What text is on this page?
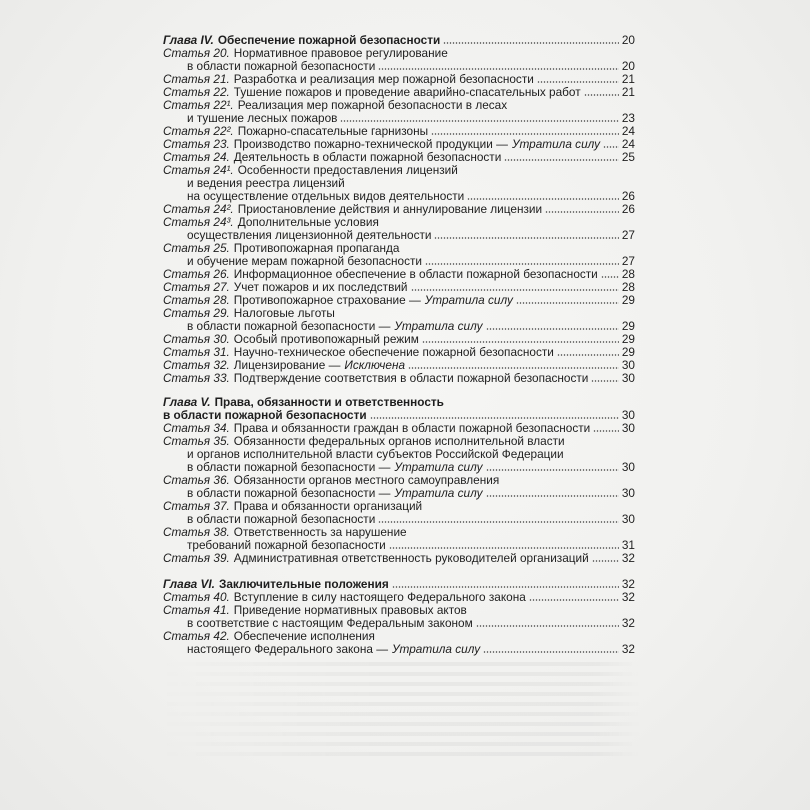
Глава IV. Обеспечение пожарной безопасности	20
Статья 20. Нормативное правовое регулирование
в области пожарной безопасности	20
Статья 21. Разработка и реализация мер пожарной безопасности	21
Статья 22. Тушение пожаров и проведение аварийно-спасательных работ	21
Статья 22¹. Реализация мер пожарной безопасности в лесах
и тушение лесных пожаров	23
Статья 22². Пожарно-спасательные гарнизоны	24
Статья 23. Производство пожарно-технической продукции — Утратила силу 24
Статья 24. Деятельность в области пожарной безопасности	25
Статья 24¹. Особенности предоставления лицензий
и ведения реестра лицензий
на осуществление отдельных видов деятельности	26
Статья 24². Приостановление действия и аннулирование лицензии	26
Статья 24³. Дополнительные условия
осуществления лицензионной деятельности	27
Статья 25. Противопожарная пропаганда
и обучение мерам пожарной безопасности	27
Статья 26. Информационное обеспечение в области пожарной безопасности 28
Статья 27. Учет пожаров и их последствий	28
Статья 28. Противопожарное страхование — Утратила силу	29
Статья 29. Налоговые льготы
в области пожарной безопасности — Утратила силу	29
Статья 30. Особый противопожарный режим	29
Статья 31. Научно-техническое обеспечение пожарной безопасности	29
Статья 32. Лицензирование — Исключена	30
Статья 33. Подтверждение соответствия в области пожарной безопасности	30
Глава V. Права, обязанности и ответственность
в области пожарной безопасности	30
Статья 34. Права и обязанности граждан в области пожарной безопасности	30
Статья 35. Обязанности федеральных органов исполнительной власти
и органов исполнительной власти субъектов Российской Федерации
в области пожарной безопасности — Утратила силу	30
Статья 36. Обязанности органов местного самоуправления
в области пожарной безопасности — Утратила силу	30
Статья 37. Права и обязанности организаций
в области пожарной безопасности	30
Статья 38. Ответственность за нарушение
требований пожарной безопасности	31
Статья 39. Административная ответственность руководителей организаций	32
Глава VI. Заключительные положения	32
Статья 40. Вступление в силу настоящего Федерального закона	32
Статья 41. Приведение нормативных правовых актов
в соответствие с настоящим Федеральным законом	32
Статья 42. Обеспечение исполнения
настоящего Федерального закона — Утратила силу	32
